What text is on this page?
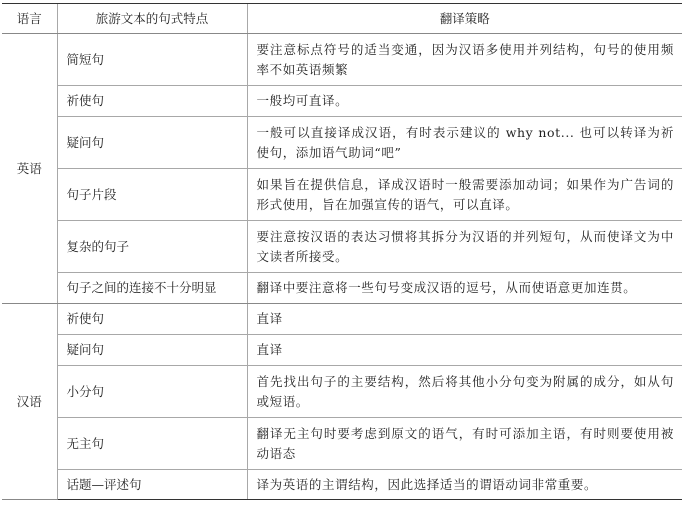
语言	旅游文本的句式特点	翻译策略
英语	简短句	要注意标点符号的适当变通，因为汉语多使用并列结构，句号的使用频率不如英语频繁
	祈使句	一般均可直译。
	疑问句	一般可以直接译成汉语，有时表示建议的 why not... 也可以转译为祈使句，添加语气助词“吧”
	句子片段	如果旨在提供信息，译成汉语时一般需要添加动词；如果作为广告词的形式使用，旨在加强宣传的语气，可以直译。
	复杂的句子	要注意按汉语的表达习惯将其拆分为汉语的并列短句，从而使译文为中文读者所接受。
	句子之间的连接不十分明显	翻译中要注意将一些句号变成汉语的逗号，从而使语意更加连贯。
汉语	祈使句	直译
	疑问句	直译
	小分句	首先找出句子的主要结构，然后将其他小分句变为附属的成分，如从句或短语。
	无主句	翻译无主句时要考虑到原文的语气，有时可添加主语，有时则要使用被动语态
	话题—评述句	译为英语的主谓结构，因此选择适当的谓语动词非常重要。
